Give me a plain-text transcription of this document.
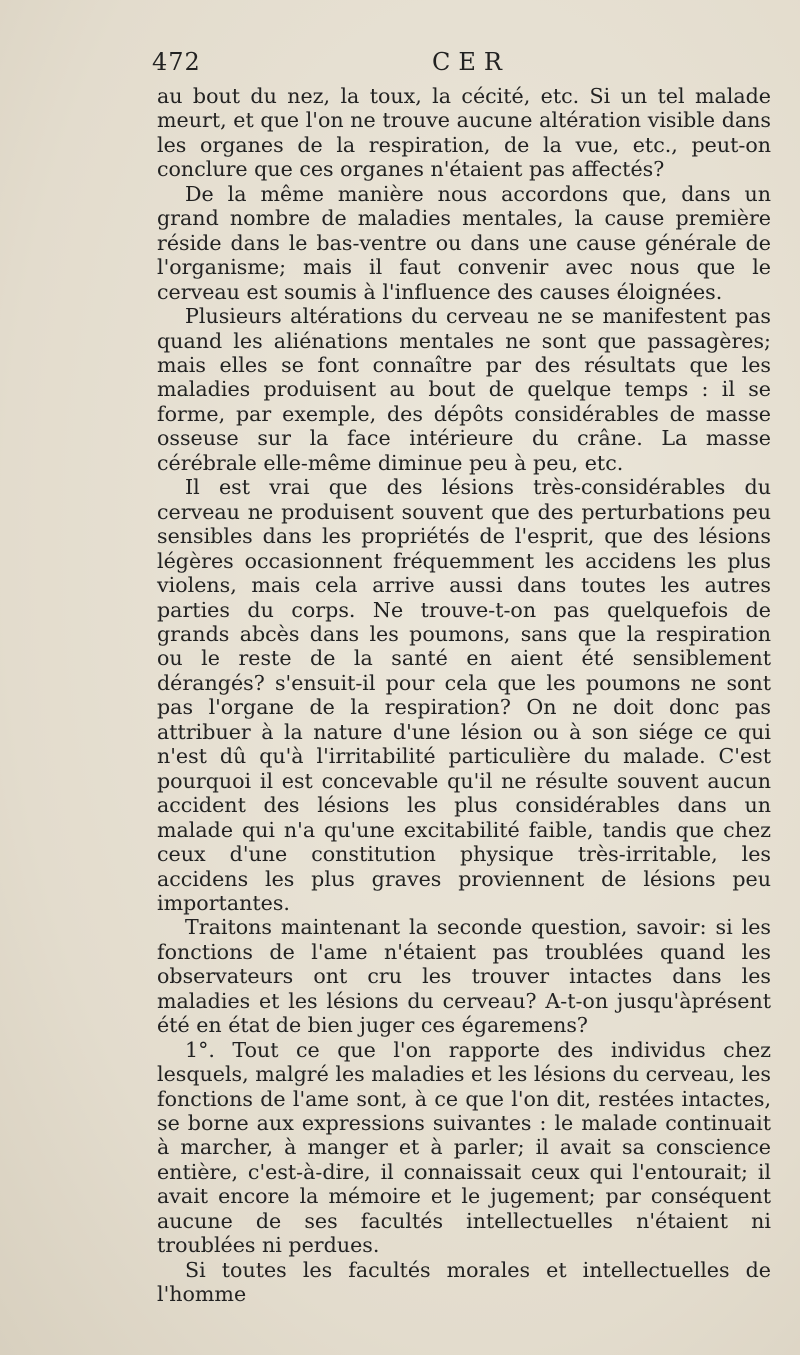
472	CER

au bout du nez, la toux, la cécité, etc. Si un tel malade meurt, et que l'on ne trouve aucune altération visible dans les organes de la respiration, de la vue, etc., peut-on conclure que ces organes n'étaient pas affectés?

De la même manière nous accordons que, dans un grand nombre de maladies mentales, la cause première réside dans le bas-ventre ou dans une cause générale de l'organisme; mais il faut convenir avec nous que le cerveau est soumis à l'influence des causes éloignées.

Plusieurs altérations du cerveau ne se manifestent pas quand les aliénations mentales ne sont que passagères; mais elles se font connaître par des résultats que les maladies produisent au bout de quelque temps : il se forme, par exemple, des dépôts considérables de masse osseuse sur la face intérieure du crâne. La masse cérébrale elle-même diminue peu à peu, etc.

Il est vrai que des lésions très-considérables du cerveau ne produisent souvent que des perturbations peu sensibles dans les propriétés de l'esprit, que des lésions légères occasionnent fréquemment les accidens les plus violens, mais cela arrive aussi dans toutes les autres parties du corps. Ne trouve-t-on pas quelquefois de grands abcès dans les poumons, sans que la respiration ou le reste de la santé en aient été sensiblement dérangés? s'ensuit-il pour cela que les poumons ne sont pas l'organe de la respiration? On ne doit donc pas attribuer à la nature d'une lésion ou à son siége ce qui n'est dû qu'à l'irritabilité particulière du malade. C'est pourquoi il est concevable qu'il ne résulte souvent aucun accident des lésions les plus considérables dans un malade qui n'a qu'une excitabilité faible, tandis que chez ceux d'une constitution physique très-irritable, les accidens les plus graves proviennent de lésions peu importantes.

Traitons maintenant la seconde question, savoir: si les fonctions de l'ame n'étaient pas troublées quand les observateurs ont cru les trouver intactes dans les maladies et les lésions du cerveau? A-t-on jusqu'àprésent été en état de bien juger ces égaremens?

1°. Tout ce que l'on rapporte des individus chez lesquels, malgré les maladies et les lésions du cerveau, les fonctions de l'ame sont, à ce que l'on dit, restées intactes, se borne aux expressions suivantes : le malade continuait à marcher, à manger et à parler; il avait sa conscience entière, c'est-à-dire, il connaissait ceux qui l'entourait; il avait encore la mémoire et le jugement; par conséquent aucune de ses facultés intellectuelles n'étaient ni troublées ni perdues.

Si toutes les facultés morales et intellectuelles de l'homme
